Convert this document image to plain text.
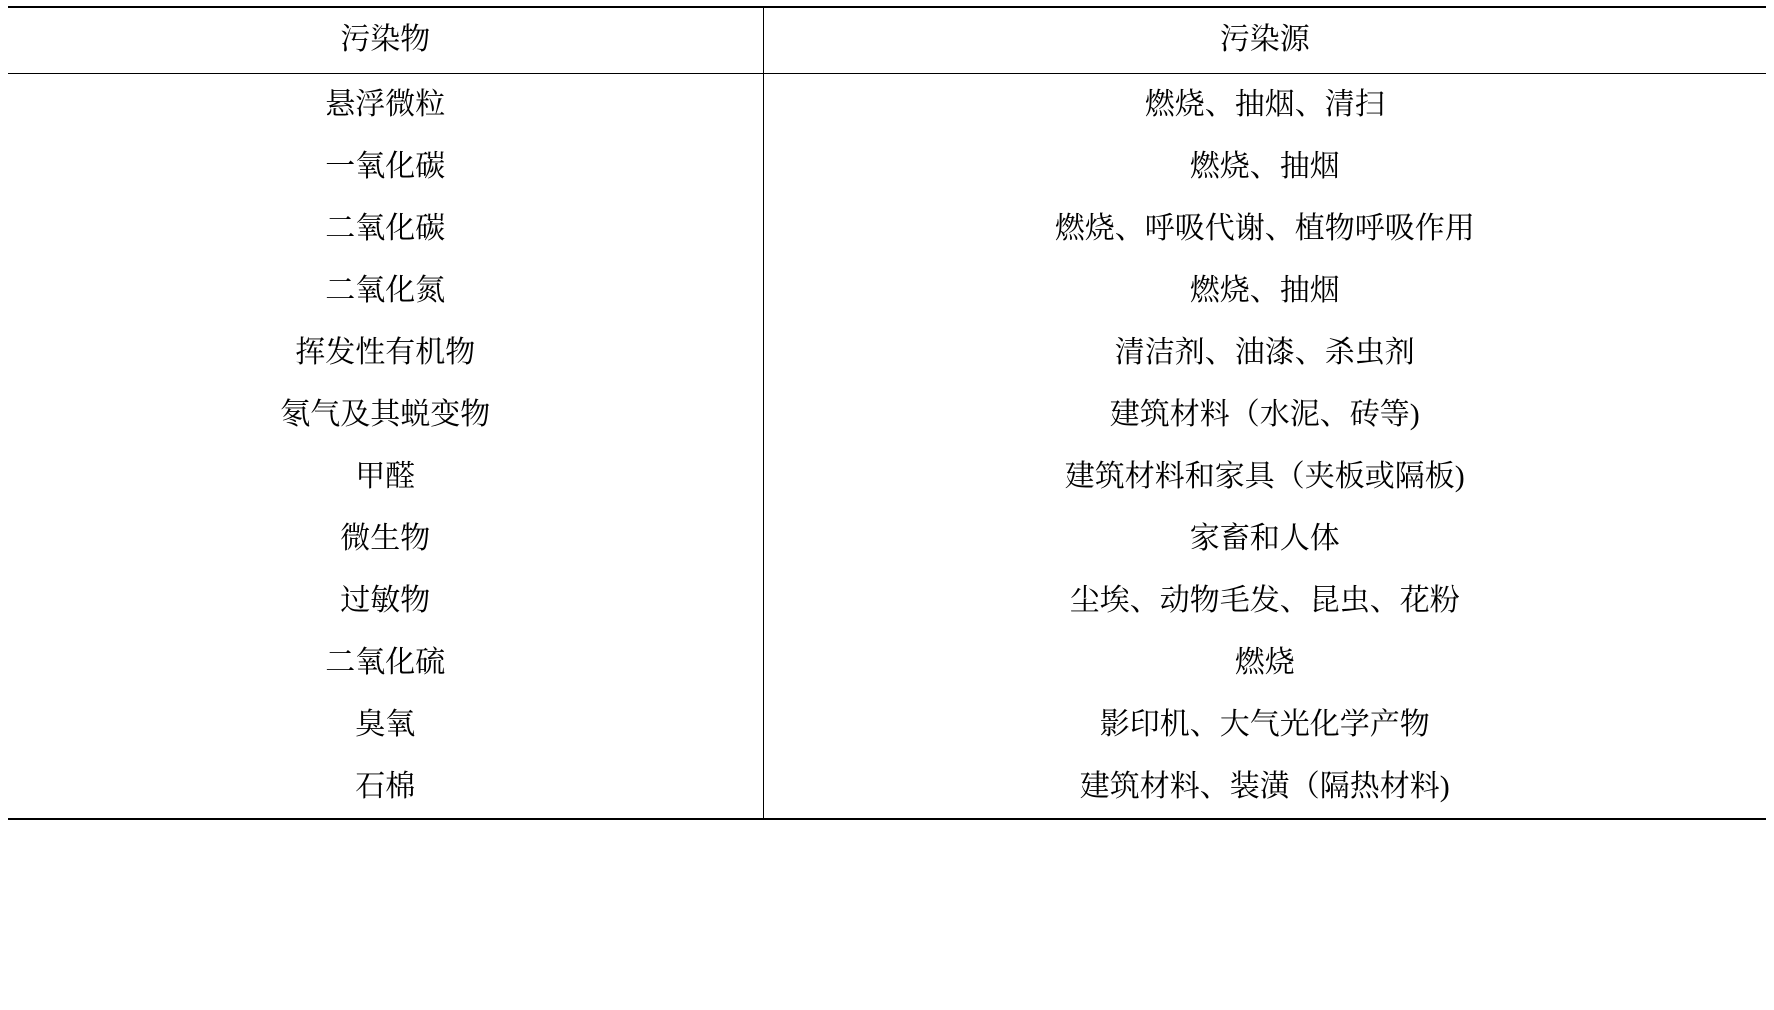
污染物	污染源
悬浮微粒	燃烧、抽烟、清扫
一氧化碳	燃烧、抽烟
二氧化碳	燃烧、呼吸代谢、植物呼吸作用
二氧化氮	燃烧、抽烟
挥发性有机物	清洁剂、油漆、杀虫剂
氡气及其蜕变物	建筑材料（水泥、砖等)
甲醛	建筑材料和家具（夹板或隔板)
微生物	家畜和人体
过敏物	尘埃、动物毛发、昆虫、花粉
二氧化硫	燃烧
臭氧	影印机、大气光化学产物
石棉	建筑材料、装潢（隔热材料)
